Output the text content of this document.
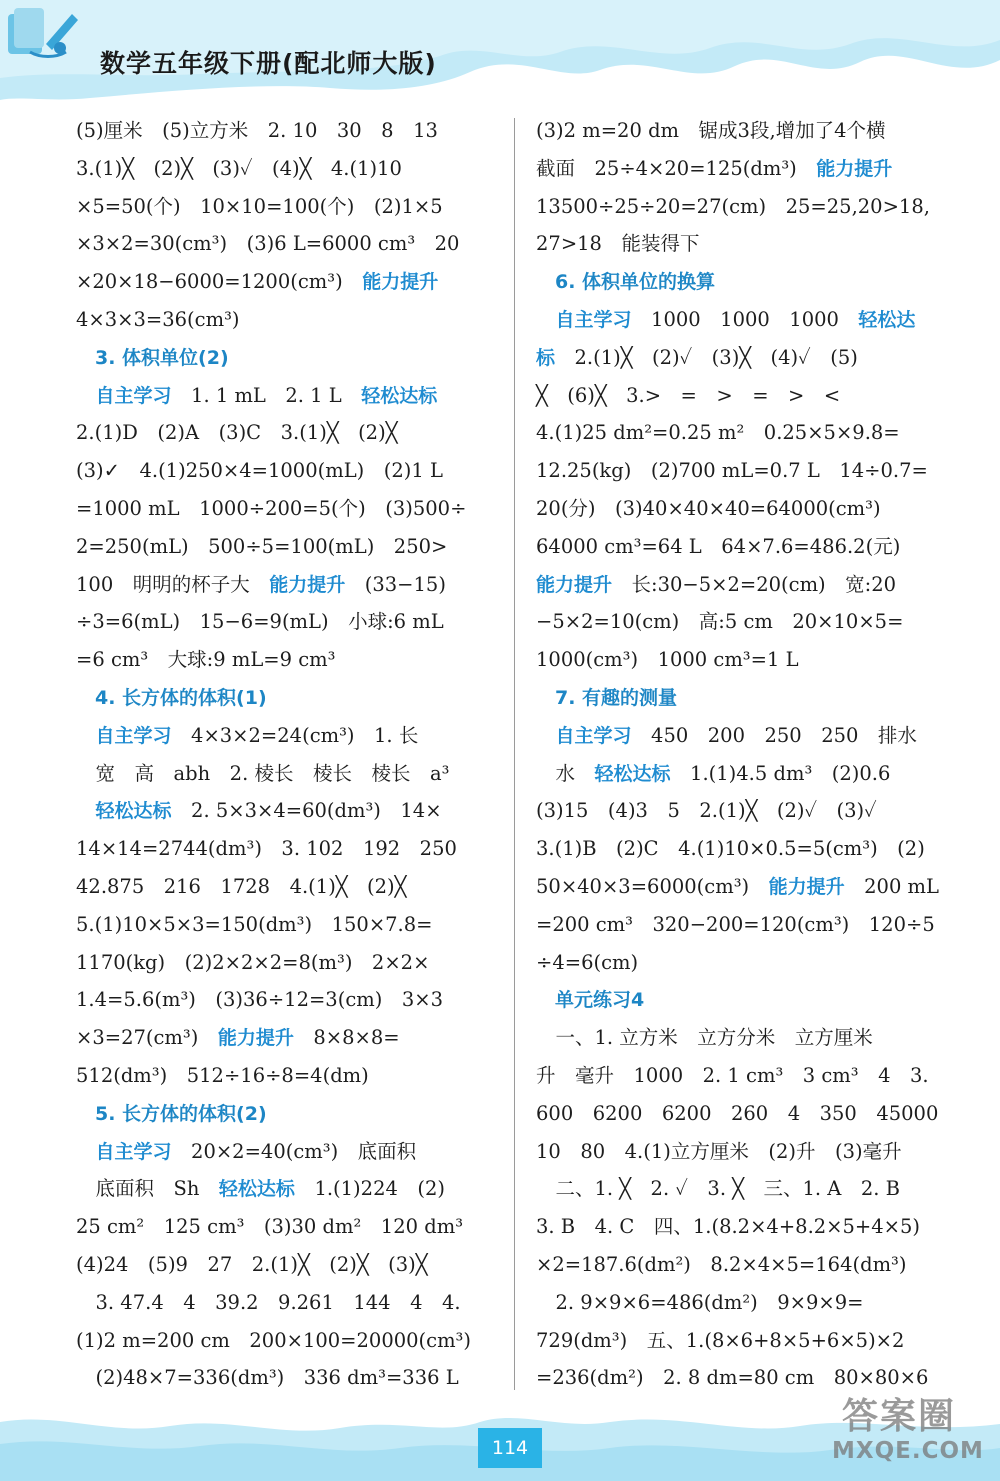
数学五年级下册(配北师大版)
(5)厘米　(5)立方米　2. 10　30　8　13
3.(1)╳　(2)╳　(3)✓　(4)╳　4.(1)10
×5=50(个)　10×10=100(个)　(2)1×5
×3×2=30(cm³)　(3)6 L=6000 cm³　20
×20×18−6000=1200(cm³)　能力提升
4×3×3=36(cm³)
　3. 体积单位(2)
　自主学习　1. 1 mL　2. 1 L　轻松达标
2.(1)D　(2)A　(3)C　3.(1)╳　(2)╳
(3)✓　4.(1)250×4=1000(mL)　(2)1 L
=1000 mL　1000÷200=5(个)　(3)500÷
2=250(mL)　500÷5=100(mL)　250>
100　明明的杯子大　能力提升　(33−15)
÷3=6(mL)　15−6=9(mL)　小球:6 mL
=6 cm³　大球:9 mL=9 cm³
　4. 长方体的体积(1)
　自主学习　4×3×2=24(cm³)　1. 长
　宽　高　abh　2. 棱长　棱长　棱长　a³
　轻松达标　2. 5×3×4=60(dm³)　14×
14×14=2744(dm³)　3. 102　192　250
42.875　216　1728　4.(1)╳　(2)╳
5.(1)10×5×3=150(dm³)　150×7.8=
1170(kg)　(2)2×2×2=8(m³)　2×2×
1.4=5.6(m³)　(3)36÷12=3(cm)　3×3
×3=27(cm³)　能力提升　8×8×8=
512(dm³)　512÷16÷8=4(dm)
　5. 长方体的体积(2)
　自主学习　20×2=40(cm³)　底面积
　底面积　Sh　轻松达标　1.(1)224　(2)
25 cm²　125 cm³　(3)30 dm²　120 dm³
(4)24　(5)9　27　2.(1)╳　(2)╳　(3)╳
　3. 47.4　4　39.2　9.261　144　4　4.
(1)2 m=200 cm　200×100=20000(cm³)
　(2)48×7=336(dm³)　336 dm³=336 L
(3)2 m=20 dm　锯成3段,增加了4个横
截面　25÷4×20=125(dm³)　能力提升
13500÷25÷20=27(cm)　25=25,20>18,
27>18　能装得下
　6. 体积单位的换算
　自主学习　1000　1000　1000　轻松达
标　2.(1)╳　(2)✓　(3)╳　(4)✓　(5)
╳　(6)╳　3.>　=　>　=　>　<
4.(1)25 dm²=0.25 m²　0.25×5×9.8=
12.25(kg)　(2)700 mL=0.7 L　14÷0.7=
20(分)　(3)40×40×40=64000(cm³)
64000 cm³=64 L　64×7.6=486.2(元)
能力提升　长:30−5×2=20(cm)　宽:20
−5×2=10(cm)　高:5 cm　20×10×5=
1000(cm³)　1000 cm³=1 L
　7. 有趣的测量
　自主学习　450　200　250　250　排水
　水　轻松达标　1.(1)4.5 dm³　(2)0.6
(3)15　(4)3　5　2.(1)╳　(2)✓　(3)✓
3.(1)B　(2)C　4.(1)10×0.5=5(cm³)　(2)
50×40×3=6000(cm³)　能力提升　200 mL
=200 cm³　320−200=120(cm³)　120÷5
÷4=6(cm)
　单元练习4
　一、1. 立方米　立方分米　立方厘米
升　毫升　1000　2. 1 cm³　3 cm³　4　3.
600　6200　6200　260　4　350　45000
10　80　4.(1)立方厘米　(2)升　(3)毫升
　二、1. ╳　2. ✓　3. ╳　三、1. A　2. B
3. B　4. C　四、1.(8.2×4+8.2×5+4×5)
×2=187.6(dm²)　8.2×4×5=164(dm³)
　2. 9×9×6=486(dm²)　9×9×9=
729(dm³)　五、1.(8×6+8×5+6×5)×2
=236(dm²)　2. 8 dm=80 cm　80×80×6
114
答案圈
MXQE.COM
